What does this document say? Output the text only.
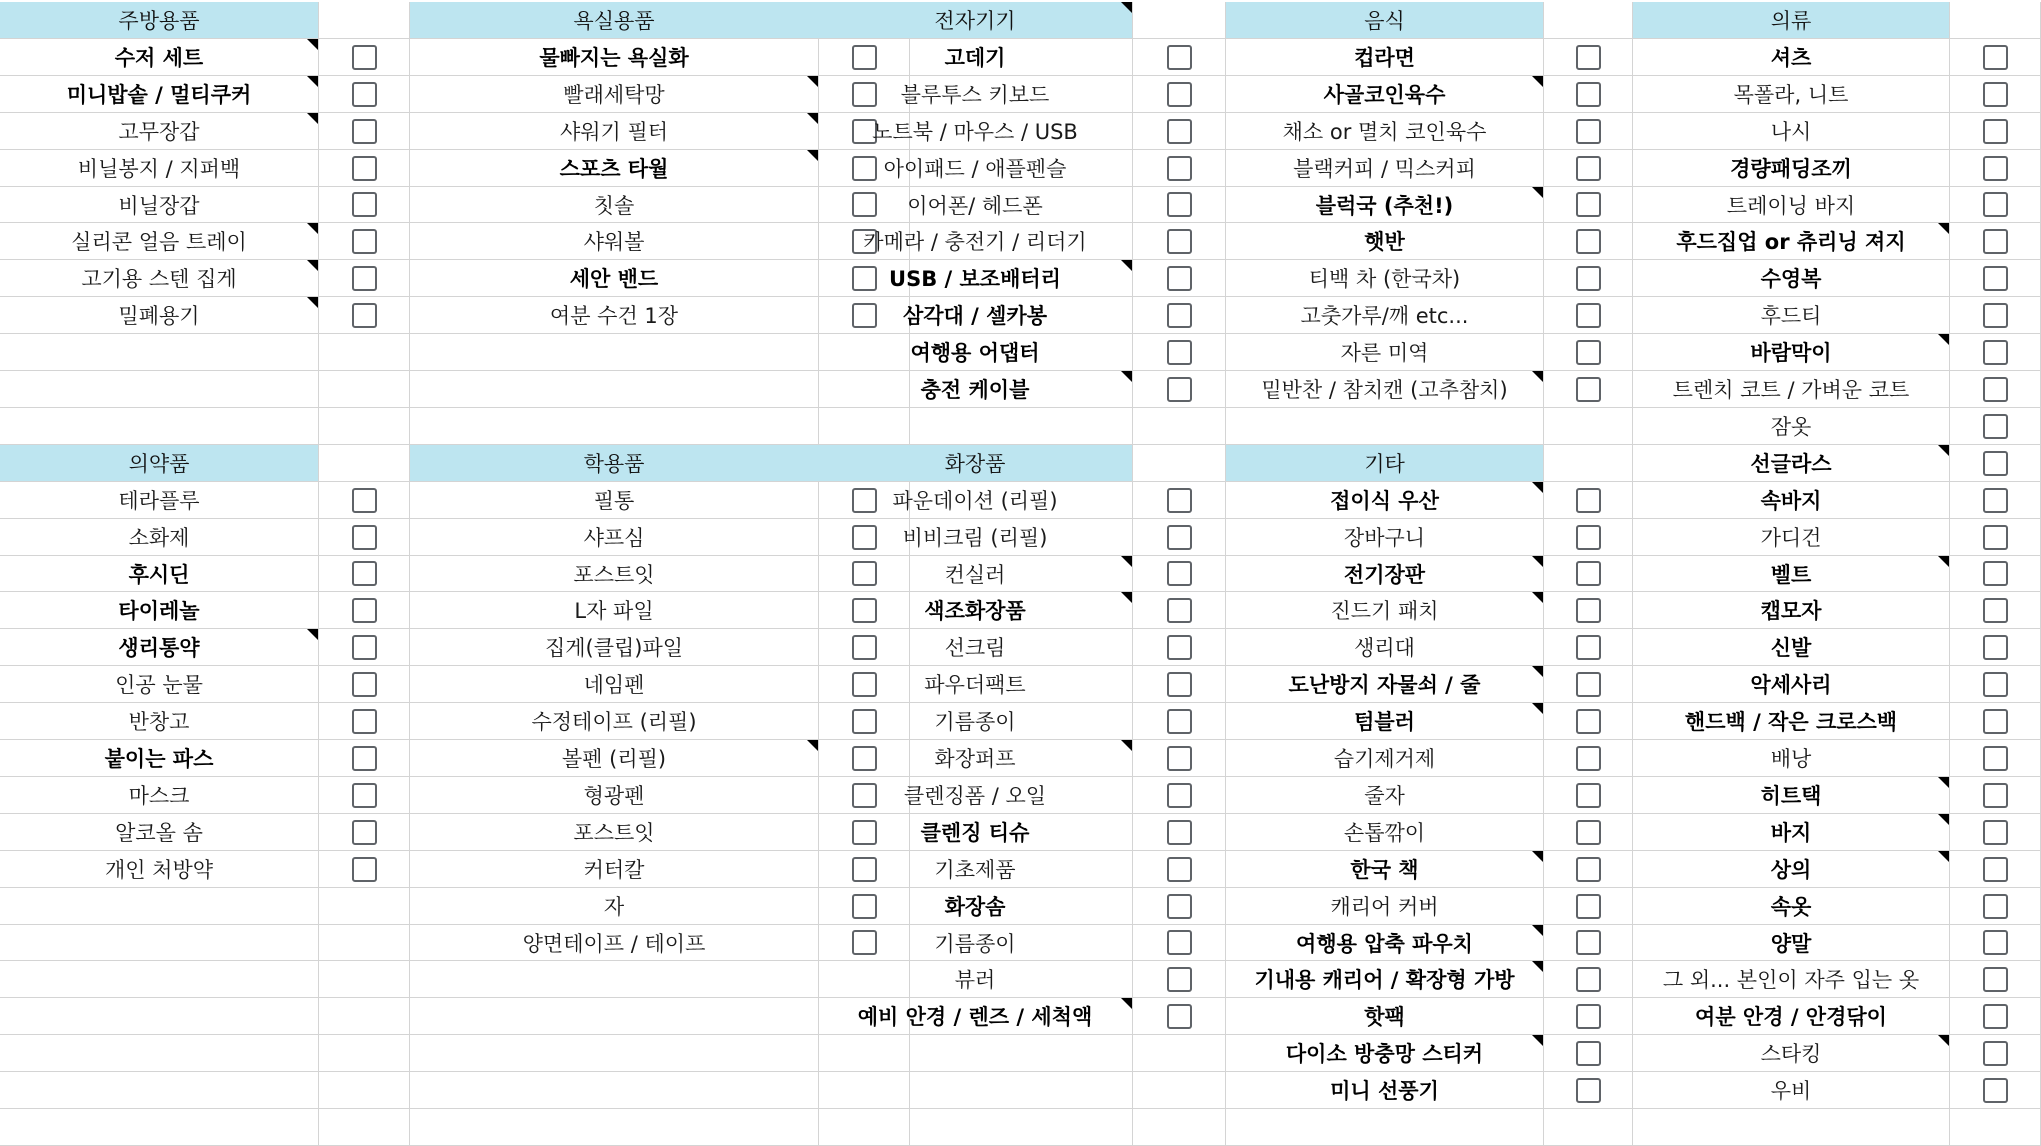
주방용품
수저 세트
미니밥솥 / 멀티쿠커
고무장갑
비닐봉지 / 지퍼백
비닐장갑
실리콘 얼음 트레이
고기용 스텐 집게
밀폐용기
욕실용품
물빠지는 욕실화
빨래세탁망
샤워기 필터
스포츠 타월
칫솔
샤워볼
세안 밴드
여분 수건 1장
전자기기
고데기
블루투스 키보드
노트북 / 마우스 / USB
아이패드 / 애플펜슬
이어폰/ 헤드폰
카메라 / 충전기 / 리더기
USB / 보조배터리
삼각대 / 셀카봉
여행용 어댑터
충전 케이블
음식
컵라면
사골코인육수
채소 or 멸치 코인육수
블랙커피 / 믹스커피
블럭국 (추천!)
햇반
티백 차 (한국차)
고춧가루/깨 etc...
자른 미역
밑반찬 / 참치캔 (고추참치)
의약품
테라플루
소화제
후시딘
타이레놀
생리통약
인공 눈물
반창고
붙이는 파스
마스크
알코올 솜
개인 처방약
학용품
필통
샤프심
포스트잇
L자 파일
집게(클립)파일
네임펜
수정테이프 (리필)
볼펜 (리필)
형광펜
포스트잇
커터칼
자
양면테이프 / 테이프
화장품
파운데이션 (리필)
비비크림 (리필)
컨실러
색조화장품
선크림
파우더팩트
기름종이
화장퍼프
클렌징폼 / 오일
클렌징 티슈
기초제품
화장솜
기름종이
뷰러
예비 안경 / 렌즈 / 세척액
기타
접이식 우산
장바구니
전기장판
진드기 패치
생리대
도난방지 자물쇠 / 줄
텀블러
습기제거제
줄자
손톱깎이
한국 책
캐리어 커버
여행용 압축 파우치
기내용 캐리어 / 확장형 가방
핫팩
다이소 방충망 스티커
미니 선풍기
의류
셔츠
목폴라, 니트
나시
경량패딩조끼
트레이닝 바지
후드집업 or 츄리닝 져지
수영복
후드티
바람막이
트렌치 코트 / 가벼운 코트
잠옷
선글라스
속바지
가디건
벨트
캡모자
신발
악세사리
핸드백 / 작은 크로스백
배낭
히트택
바지
상의
속옷
양말
그 외... 본인이 자주 입는 옷
여분 안경 / 안경닦이
스타킹
우비
